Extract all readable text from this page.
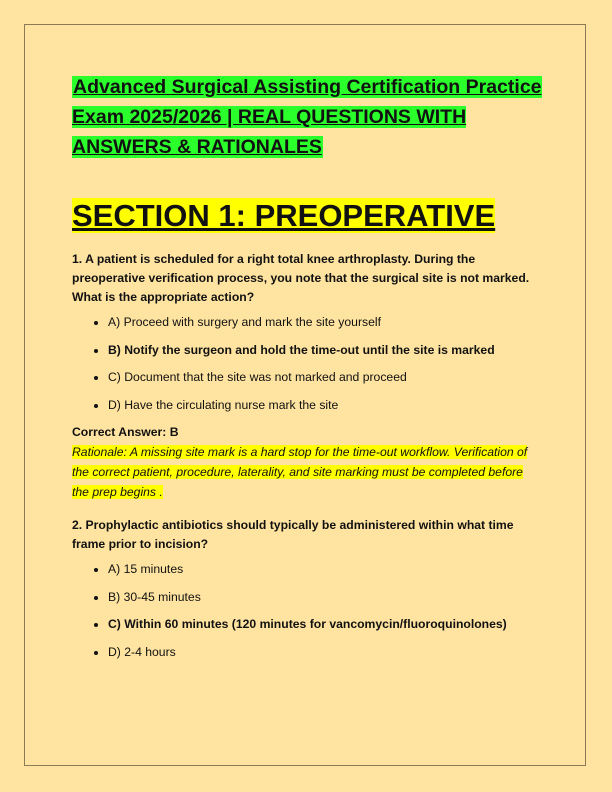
Advanced Surgical Assisting Certification Practice Exam 2025/2026 | REAL QUESTIONS WITH ANSWERS & RATIONALES
SECTION 1: PREOPERATIVE

1. A patient is scheduled for a right total knee arthroplasty. During the preoperative verification process, you note that the surgical site is not marked. What is the appropriate action?

• A) Proceed with surgery and mark the site yourself
• B) Notify the surgeon and hold the time-out until the site is marked
• C) Document that the site was not marked and proceed
• D) Have the circulating nurse mark the site

Correct Answer: B

Rationale: A missing site mark is a hard stop for the time-out workflow. Verification of the correct patient, procedure, laterality, and site marking must be completed before the prep begins .

2. Prophylactic antibiotics should typically be administered within what time frame prior to incision?

• A) 15 minutes
• B) 30-45 minutes
• C) Within 60 minutes (120 minutes for vancomycin/fluoroquinolones)
• D) 2-4 hours
